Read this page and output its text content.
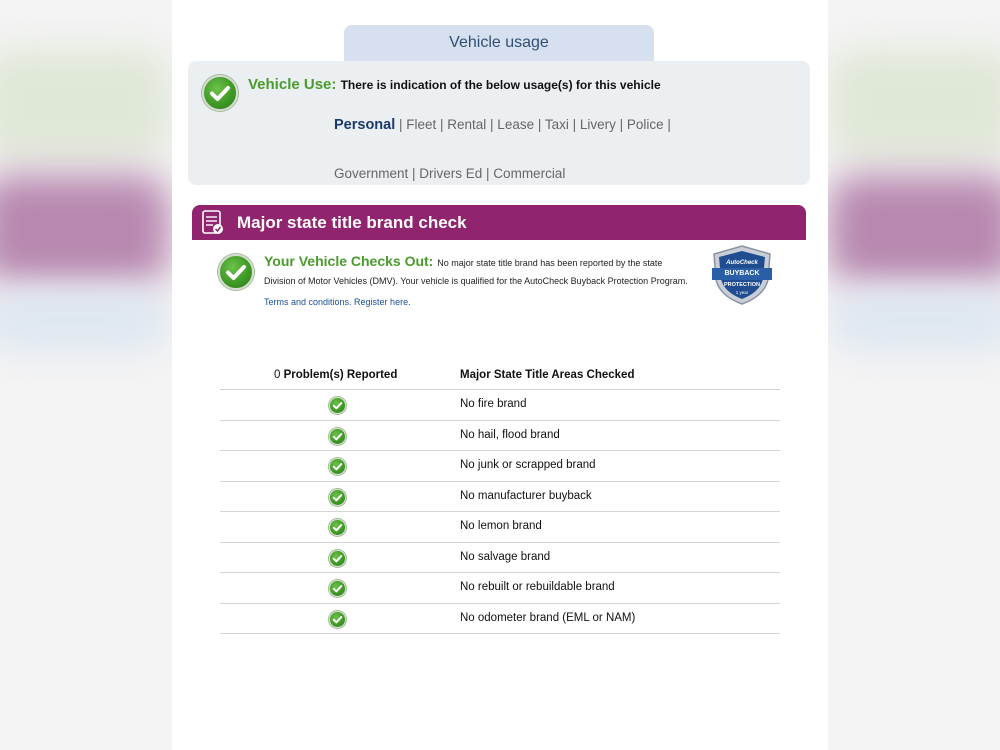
Vehicle usage
Vehicle Use: There is indication of the below usage(s) for this vehicle
Personal | Fleet | Rental | Lease | Taxi | Livery | Police |
Government | Drivers Ed | Commercial
Major state title brand check
Your Vehicle Checks Out: No major state title brand has been reported by the state
Division of Motor Vehicles (DMV). Your vehicle is qualified for the AutoCheck Buyback Protection Program.
Terms and conditions. Register here.
AutoCheck
BUYBACK
PROTECTION
1 year
0 Problem(s) Reported	Major State Title Areas Checked
No fire brand
No hail, flood brand
No junk or scrapped brand
No manufacturer buyback
No lemon brand
No salvage brand
No rebuilt or rebuildable brand
No odometer brand (EML or NAM)
